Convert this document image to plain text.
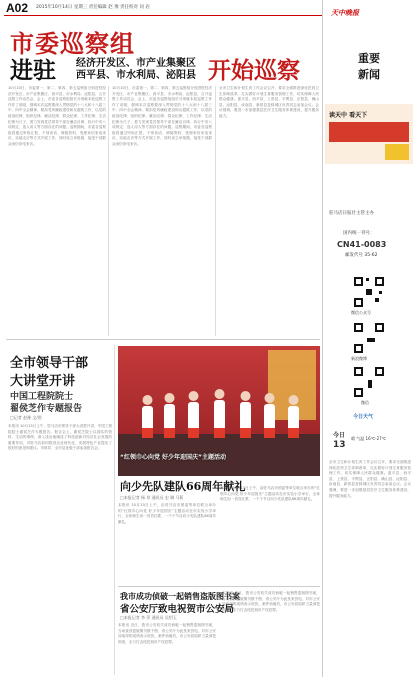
A02 2015年10月14日 星期三 责任编辑 赵 豫 责任校对 问 岩
市委巡察组
进驻 经济开发区、市产业集聚区
西平县、市水利局、泌阳县 开始巡察
10月10日，市委第一、第二、第四、第五巡察组分别进驻经济开发区、市产业集聚区、西平县、市水利局、泌阳县，召开巡察工作动员会，会上，市委各巡察组组长分别就本轮巡察工作作了说明，强调本次巡察要深入贯彻党的十八大和十八届三中、四中全会精神，紧扣党风廉政建设和反腐败工作，以党的政治纪律、组织纪律、廉洁纪律、群众纪律、工作纪律、生活纪律为尺子，着力发现党员领导干部在廉洁自律、执行中央八项规定、选人用人等方面存在的问题。巡察期间，市委各巡察组将通过听取汇报、个别谈话、调阅资料、受理来信来电来访、实地走访等方式开展工作，同时设立举报箱，接受干部群众来信来电来访。
10月10日，市委第一、第二、第四、第五巡察组分别进驻经济开发区、市产业集聚区、西平县、市水利局、泌阳县，召开巡察工作动员会，会上，市委各巡察组组长分别就本轮巡察工作作了说明，强调本次巡察要深入贯彻党的十八大和十八届三中、四中全会精神，紧扣党风廉政建设和反腐败工作，以党的政治纪律、组织纪律、廉洁纪律、群众纪律、工作纪律、生活纪律为尺子，着力发现党员领导干部在廉洁自律、执行中央八项规定、选人用人等方面存在的问题。巡察期间，市委各巡察组将通过听取汇报、个别谈话、调阅资料、受理来信来电来访、实地走访等方式开展工作，同时设立举报箱，接受干部群众来信来电来访。
全市卫生和计划生育工作会议召开，要求全面推进深化医药卫生体制改革，扎实做好计划生育服务管理工作，切实保障人民群众健康。遂平县、西平县、上蔡县、平舆县、正阳县、确山县、泌阳县、汝南县、新蔡县及驿城区负责同志参加会议。会议强调，要进一步加强基层医疗卫生服务体系建设，提升服务能力。
全市领导干部
大讲堂开讲
中国工程院院士
翟侯芝作专题报告
□记者 赵豫 文/图
本报讯 10月13日上午，驻马店市领导干部大讲堂开讲，中国工程院院士翟侯芝作专题报告。报告会上，翟侯芝院士以翔实的资料、生动的事例，深入浅出地阐述了科技创新对经济社会发展的重要作用，对驻马店如何推进农业现代化、发展特色产业提出了很好的意见和建议。市领导、全市县处级干部参加报告会。
“红领巾心向党 好少年迎国庆”主题活动
向少先队建队66周年献礼
□本报记者 杨 昂 通讯员 史 琳 马莉
本报讯 10月13日上午，由驻马店市团委等单位联合举办的“红领巾心向党 好少年迎国庆”主题活动在市实验小学举行，全体师生用一首首红歌、一个个节目向少先队建队66周年献礼。
本报讯 10月13日上午，由驻马店市团委等单位联合举办的“红领巾心向党 好少年迎国庆”主题活动在市实验小学举行，全体师生用一首首红歌、一个个节目向少先队建队66周年献礼。
我市成功侦破一起销售盗版图书案
省公安厅致电祝贺市公安局
□本报记者 李 萍 通讯员 吴绍玉
本报讯 近日，我市公安机关成功侦破一起销售盗版图书案，当场查获盗版图书数千册，省公安厅为此发来贺电，对市公安局取得的成绩表示祝贺。案件侦破后，市公安局组织力量深挖细查，全力打击侵犯知识产权犯罪。
本报讯 近日，我市公安机关成功侦破一起销售盗版图书案，当场查获盗版图书数千册，省公安厅为此发来贺电，对市公安局取得的成绩表示祝贺。案件侦破后，市公安局组织力量深挖细查，全力打击侵犯知识产权犯罪。
天中晚报
重要
新闻
读天中 看天下
驻马店日报社主管主办
国内统一刊号：
CN41-0083
邮发代号 35-62
微信公众号
新浪微博
微信
今日天气
今日
13
晴 气温 16℃-27℃
全市卫生和计划生育工作会议召开，要求全面推进深化医药卫生体制改革，扎实做好计划生育服务管理工作，切实保障人民群众健康。遂平县、西平县、上蔡县、平舆县、正阳县、确山县、泌阳县、汝南县、新蔡县及驿城区负责同志参加会议。会议强调，要进一步加强基层医疗卫生服务体系建设，提升服务能力。
